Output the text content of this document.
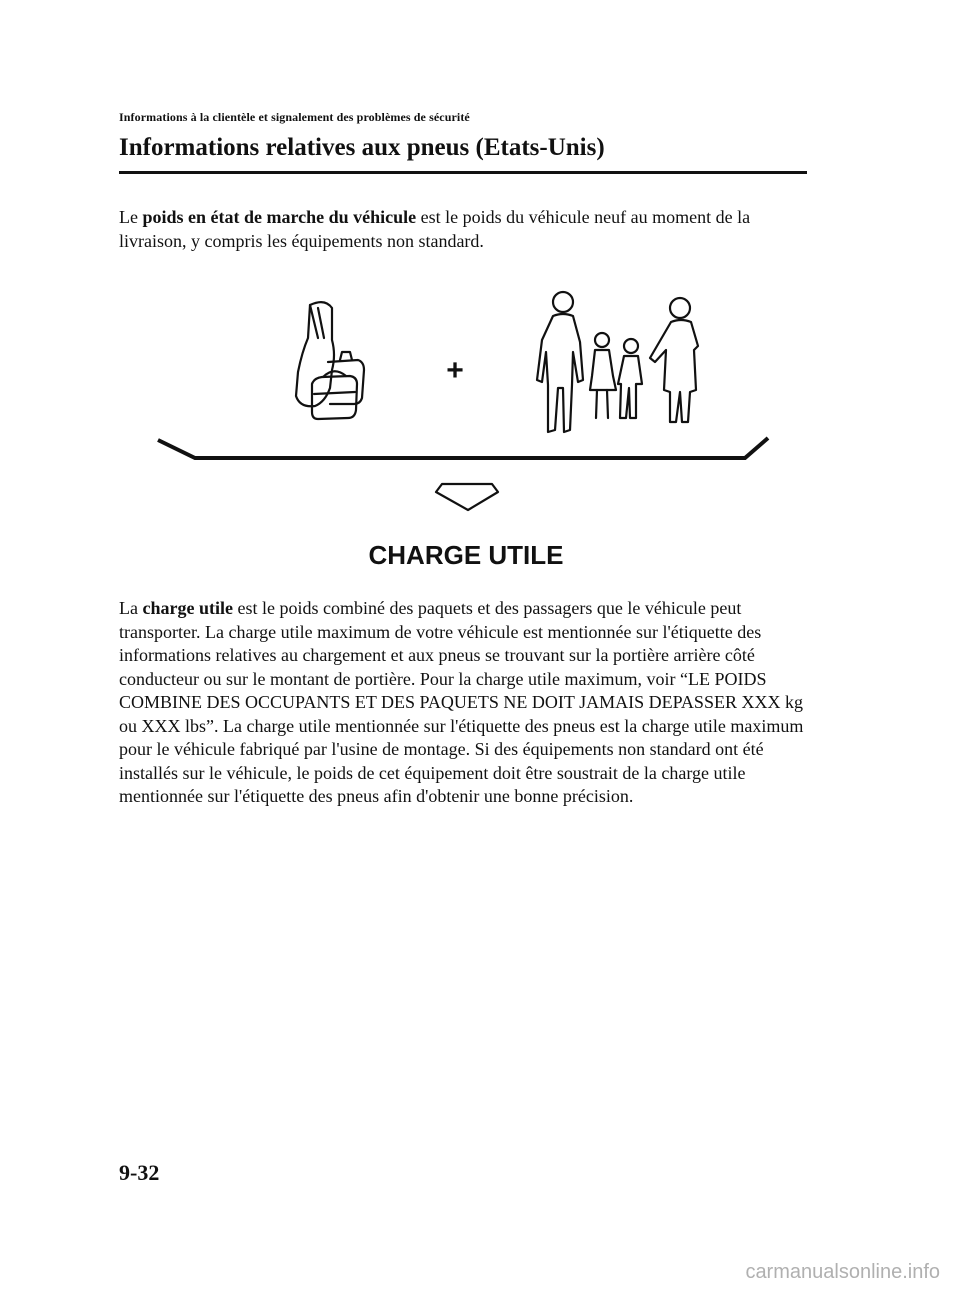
Informations à la clientèle et signalement des problèmes de sécurité
Informations relatives aux pneus (Etats-Unis)

Le poids en état de marche du véhicule est le poids du véhicule neuf au moment de la livraison, y compris les équipements non standard.

+
CHARGE UTILE

La charge utile est le poids combiné des paquets et des passagers que le véhicule peut transporter. La charge utile maximum de votre véhicule est mentionnée sur l'étiquette des informations relatives au chargement et aux pneus se trouvant sur la portière arrière côté conducteur ou sur le montant de portière. Pour la charge utile maximum, voir “LE POIDS COMBINE DES OCCUPANTS ET DES PAQUETS NE DOIT JAMAIS DEPASSER XXX kg ou XXX lbs”. La charge utile mentionnée sur l'étiquette des pneus est la charge utile maximum pour le véhicule fabriqué par l'usine de montage. Si des équipements non standard ont été installés sur le véhicule, le poids de cet équipement doit être soustrait de la charge utile mentionnée sur l'étiquette des pneus afin d'obtenir une bonne précision.

9-32
carmanualsonline.info
